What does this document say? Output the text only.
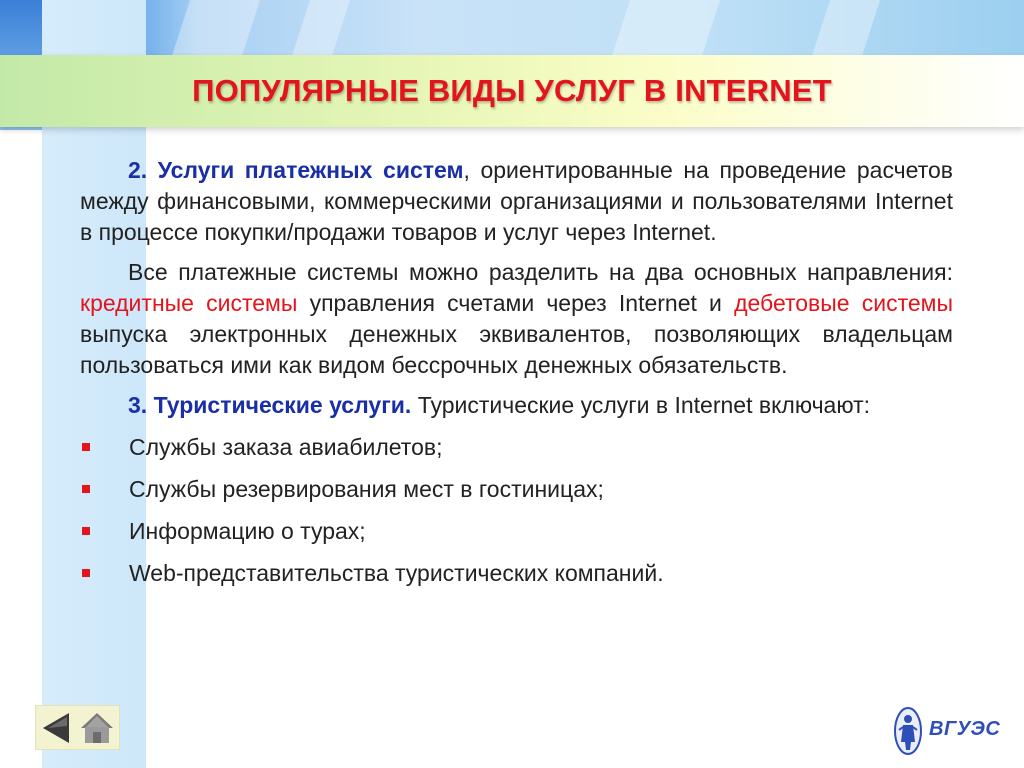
ПОПУЛЯРНЫЕ ВИДЫ УСЛУГ В INTERNET

2. Услуги платежных систем, ориентированные на проведение расчетов между финансовыми, коммерческими организациями и пользователями Internet в процессе покупки/продажи товаров и услуг через Internet.

Все платежные системы можно разделить на два основных направления: кредитные системы управления счетами через Internet и дебетовые системы выпуска электронных денежных эквивалентов, позволяющих владельцам пользоваться ими как видом бессрочных денежных обязательств.

3. Туристические услуги. Туристические услуги в Internet включают:

Службы заказа авиабилетов;
Службы резервирования мест в гостиницах;
Информацию о турах;
Web-представительства туристических компаний.
ВГУЭС
